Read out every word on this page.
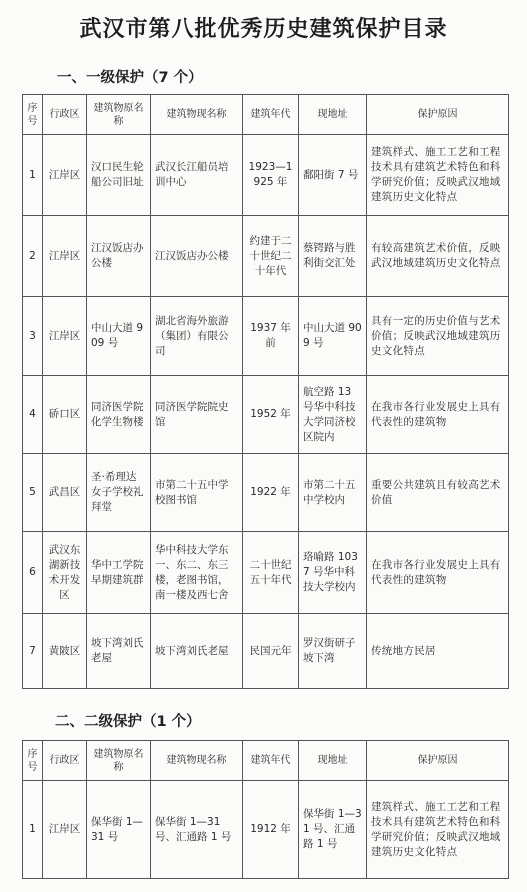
武汉市第八批优秀历史建筑保护目录
一、一级保护（7 个）
序号	行政区	建筑物原名称	建筑物现名称	建筑年代	现地址	保护原因
1	江岸区	汉口民生轮船公司旧址	武汉长江船员培训中心	1923—1925 年	鄱阳街 7 号	建筑样式、施工工艺和工程技术具有建筑艺术特色和科学研究价值；反映武汉地域建筑历史文化特点
2	江岸区	江汉饭店办公楼	江汉饭店办公楼	约建于二十世纪二十年代	蔡锷路与胜利街交汇处	有较高建筑艺术价值，反映武汉地域建筑历史文化特点
3	江岸区	中山大道 909 号	湖北省海外旅游（集团）有限公司	1937 年前	中山大道 909 号	具有一定的历史价值与艺术价值；反映武汉地域建筑历史文化特点
4	硚口区	同济医学院化学生物楼	同济医学院院史馆	1952 年	航空路 13 号华中科技大学同济校区院内	在我市各行业发展史上具有代表性的建筑物
5	武昌区	圣·希理达女子学校礼拜堂	市第二十五中学校图书馆	1922 年	市第二十五中学校内	重要公共建筑且有较高艺术价值
6	武汉东湖新技术开发区	华中工学院早期建筑群	华中科技大学东一、东二、东三楼，老图书馆，南一楼及西七舍	二十世纪五十年代	珞喻路 1037 号华中科技大学校内	在我市各行业发展史上具有代表性的建筑物
7	黄陂区	坡下湾刘氏老屋	坡下湾刘氏老屋	民国元年	罗汉街研子坡下湾	传统地方民居
二、二级保护（1 个）
序号	行政区	建筑物原名称	建筑物现名称	建筑年代	现地址	保护原因
1	江岸区	保华街 1—31 号	保华街 1—31 号、汇通路 1 号	1912 年	保华街 1—31 号、汇通路 1 号	建筑样式、施工工艺和工程技术具有建筑艺术特色和科学研究价值；反映武汉地域建筑历史文化特点
